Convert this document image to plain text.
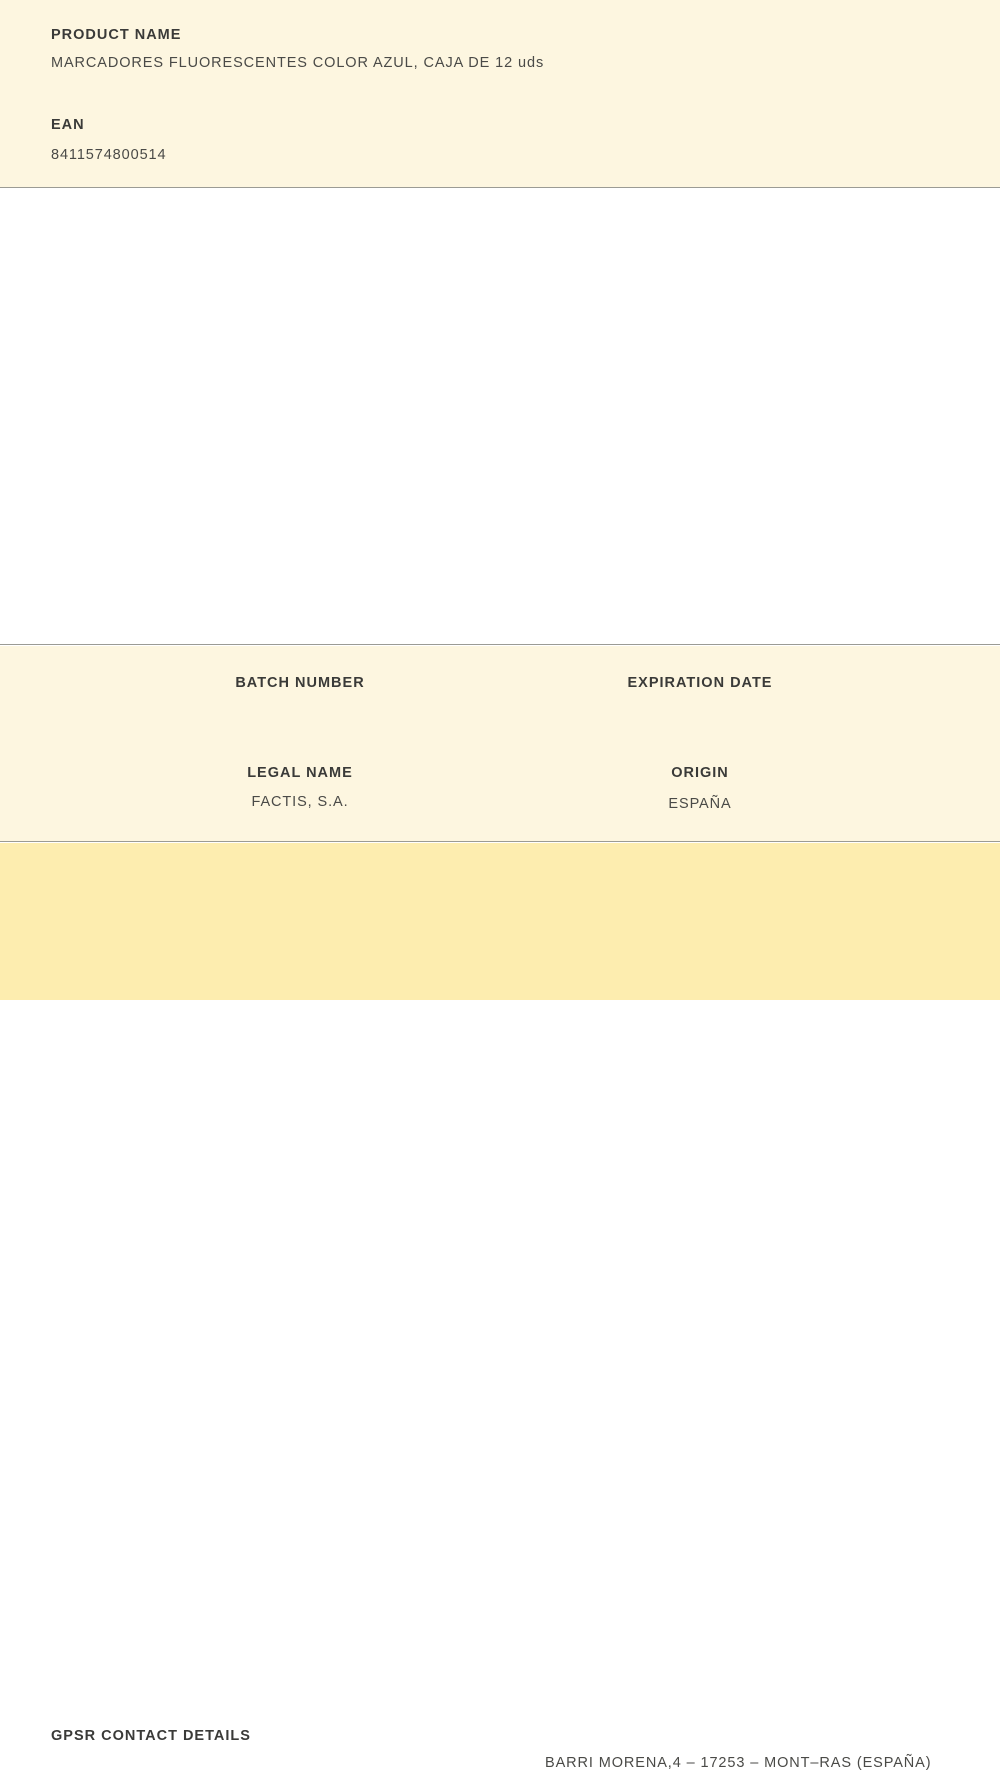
PRODUCT NAME
MARCADORES FLUORESCENTES COLOR AZUL, CAJA DE 12 uds
EAN
8411574800514
BATCH NUMBER	EXPIRATION DATE
LEGAL NAME
FACTIS, S.A.
ORIGIN
ESPAÑA
GPSR CONTACT DETAILS
BARRI MORENA,4 – 17253 – MONT–RAS (ESPAÑA)
